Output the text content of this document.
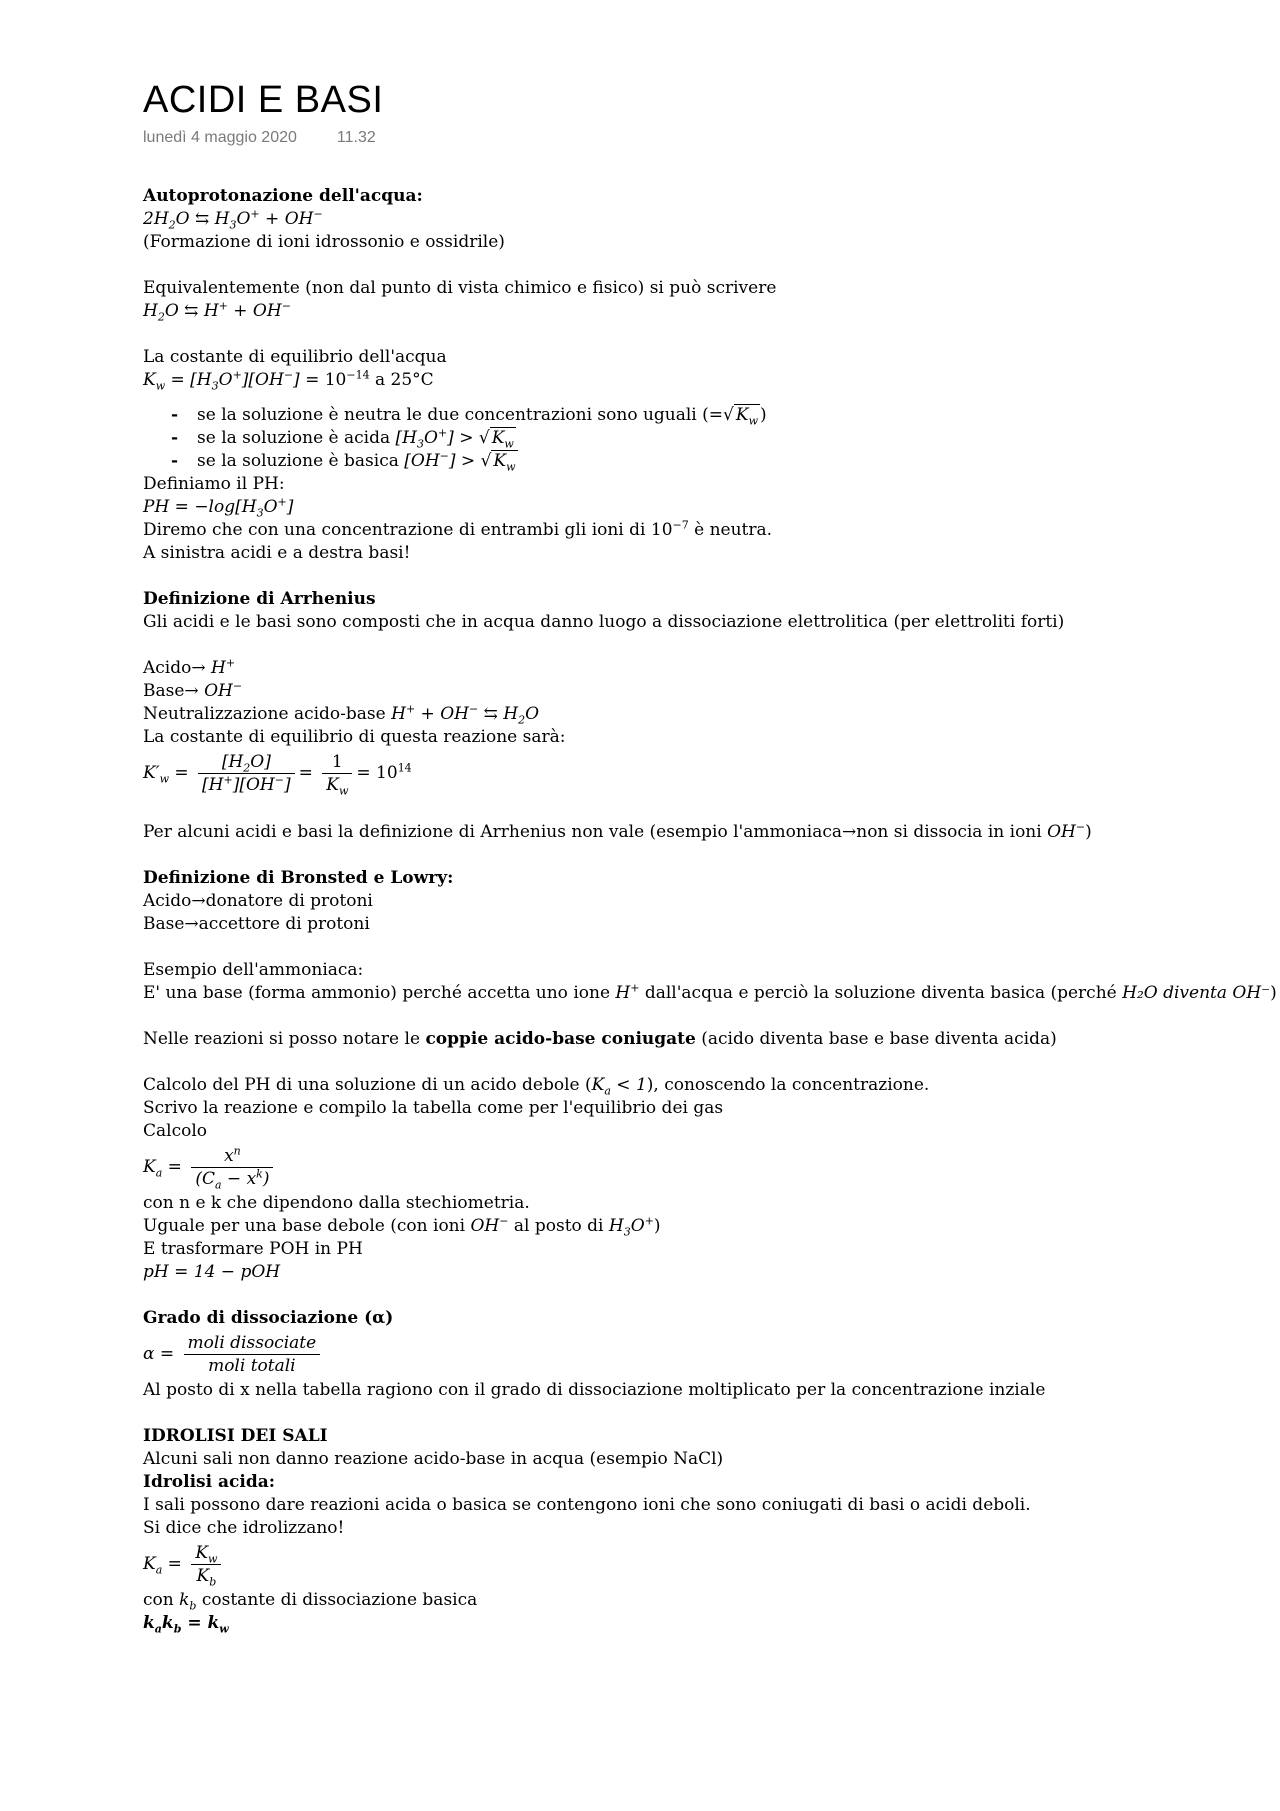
ACIDI E BASI
lunedì 4 maggio 2020	11.32
Autoprotonazione dell'acqua:
$2H_2O$ ⇆ $H_3O^+ + OH^-$
(Formazione di ioni idrossonio e ossidrile)
Equivalentemente (non dal punto di vista chimico e fisico) si può scrivere
$H_2O$ ⇆ H+ + OH−
La costante di equilibrio dell'acqua
$K_w = [H_3O^+][OH^-] = 10^{-14}$ a 25°C
- se la soluzione è neutra le due concentrazioni sono uguali (=√ $K_w$ )
- se la soluzione è acida $[H_3O^+]$ > √ $K_w$
- se la soluzione è basica [OH−] > √ $K_w$
Definiamo il PH:
PH = $-\log[H_3O^+]$
Diremo che con una concentrazione di entrambi gli ioni di $10^{-7}$ è neutra.
A sinistra acidi e a destra basi!
Definizione di Arrhenius
Gli acidi e le basi sono composti che in acqua danno luogo a dissociazione elettrolitica (per elettroliti forti)
Acido→ H+
Base→ OH−
Neutralizzazione acido-base H+ + OH− ⇆ $H_2O$
La costante di equilibrio di questa reazione sarà:
$K'_w = \frac{[H_2O]}{[H^+][OH^-]} = \frac{1}{K_w} = 10^{14}$
Per alcuni acidi e basi la definizione di Arrhenius non vale (esempio l'ammoniaca→non si dissocia in ioni OH−)
Definizione di Bronsted e Lowry:
Acido→donatore di protoni
Base→accettore di protoni
Esempio dell'ammoniaca:
E' una base (forma ammonio) perché accetta uno ione H+ dall'acqua e perciò la soluzione diventa basica (perché H₂O diventa OH⁻)
Nelle reazioni si posso notare le coppie acido-base coniugate (acido diventa base e base diventa acida)
Calcolo del PH di una soluzione di un acido debole $(K_a < 1)$, conoscendo la concentrazione.
Scrivo la reazione e compilo la tabella come per l'equilibrio dei gas
Calcolo
$K_a = \frac{x^n}{(C_a - x^k)}$
con n e k che dipendono dalla stechiometria.
Uguale per una base debole (con ioni OH− al posto di $H_3O^+$)
E trasformare POH in PH
pH = 14 − pOH
Grado di dissociazione (α)
$\alpha = \frac{\text{moli dissociate}}{\text{moli totali}}$
Al posto di x nella tabella ragiono con il grado di dissociazione moltiplicato per la concentrazione inziale
IDROLISI DEI SALI
Alcuni sali non danno reazione acido-base in acqua (esempio NaCl)
Idrolisi acida:
I sali possono dare reazioni acida o basica se contengono ioni che sono coniugati di basi o acidi deboli.
Si dice che idrolizzano!
$K_a = \frac{K_w}{K_b}$
con $k_b$ costante di dissociazione basica
$k_ak_b = k_w$
